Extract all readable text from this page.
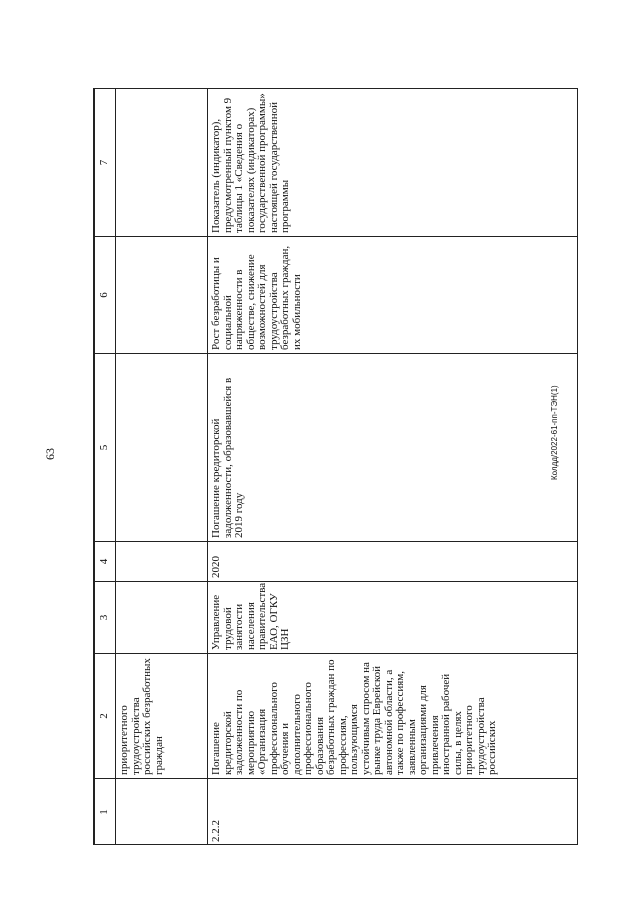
63	Колдд/2022-61-пп-ТЭН(1)
1	2	3	4	5	6	7
	приоритетного трудоустройства российских безработных граждан					
2.2.2	Погашение кредиторской задолженности по мероприятию «Организация профессионального обучения и дополнительного профессионального образования безработных граждан по профессиям, пользующимся устойчивым спросом на рынке труда Еврейской автономной области, а также по профессиям, заявленным организациями для привлечения иностранной рабочей силы, в целях приоритетного трудоустройства российских	Управление трудовой занятости населения правительства ЕАО, ОГКУ ЦЗН	2020	Погашение кредиторской задолженности, образовавшейся в 2019 году	Рост безработицы и социальной напряженности в обществе, снижение возможностей для трудоустройства безработных граждан, их мобильности	Показатель (индикатор), предусмотренный пунктом 9 таблицы 1 «Сведения о показателях (индикаторах) государственной программы» настоящей государственной программы
